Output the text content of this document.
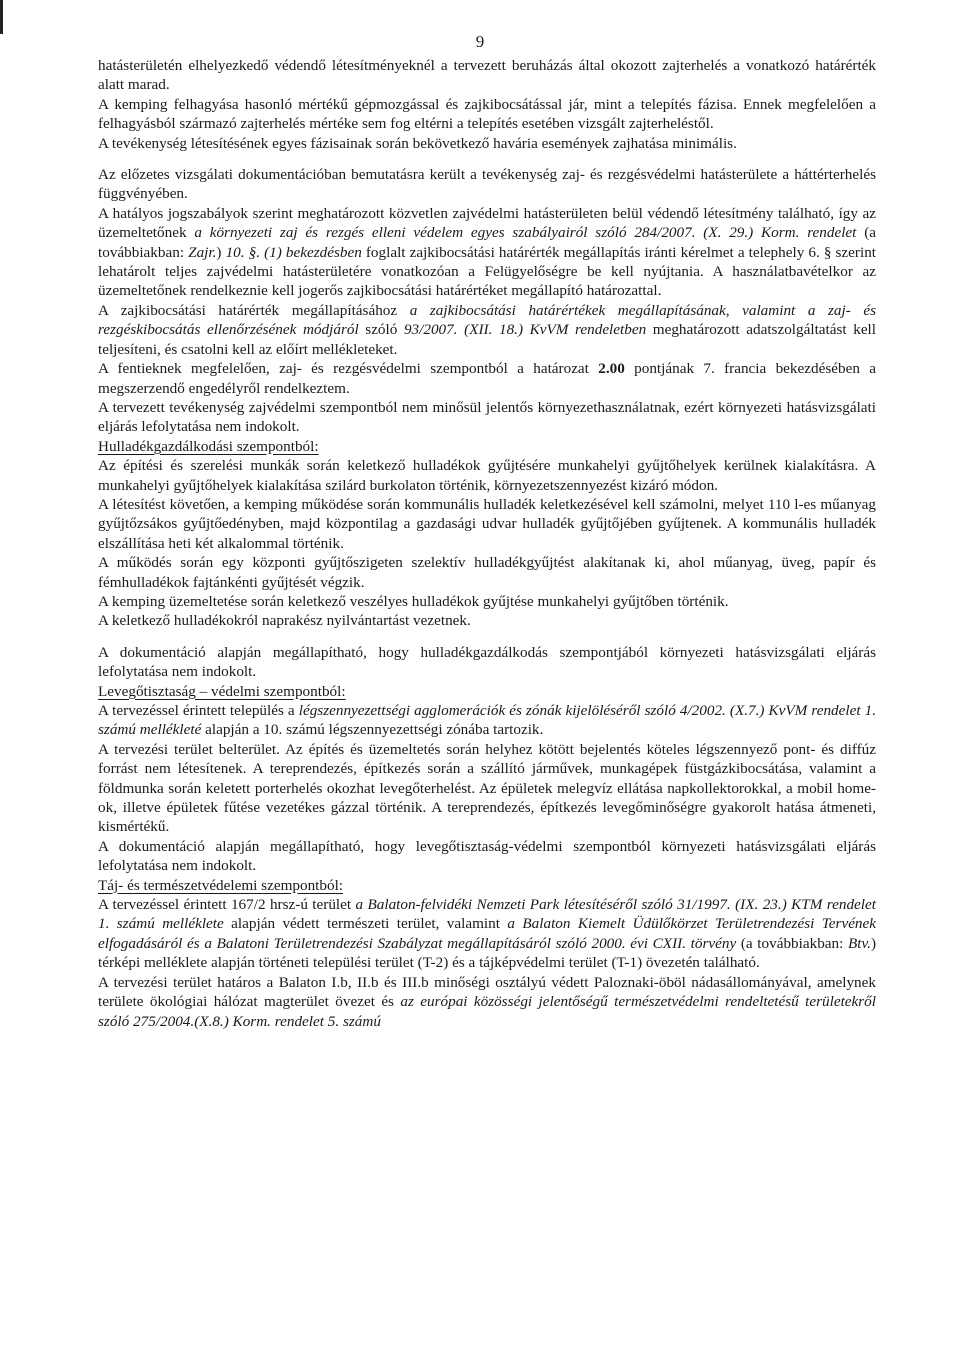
9

hatásterületén elhelyezkedő védendő létesítményeknél a tervezett beruházás által okozott zajterhelés a vonatkozó határérték alatt marad.

A kemping felhagyása hasonló mértékű gépmozgással és zajkibocsátással jár, mint a telepítés fázisa. Ennek megfelelően a felhagyásból származó zajterhelés mértéke sem fog eltérni a telepítés esetében vizsgált zajterheléstől.

A tevékenység létesítésének egyes fázisainak során bekövetkező havária események zajhatása minimális.

Az előzetes vizsgálati dokumentációban bemutatásra került a tevékenység zaj- és rezgésvédelmi hatásterülete a háttérterhelés függvényében.

A hatályos jogszabályok szerint meghatározott közvetlen zajvédelmi hatásterületen belül védendő létesítmény található, így az üzemeltetőnek a környezeti zaj és rezgés elleni védelem egyes szabályairól szóló 284/2007. (X. 29.) Korm. rendelet (a továbbiakban: Zajr.) 10. §. (1) bekezdésben foglalt zajkibocsátási határérték megállapítás iránti kérelmet a telephely 6. § szerint lehatárolt teljes zajvédelmi hatásterületére vonatkozóan a Felügyelőségre be kell nyújtania. A használatbavételkor az üzemeltetőnek rendelkeznie kell jogerős zajkibocsátási határértéket megállapító határozattal.

A zajkibocsátási határérték megállapításához a zajkibocsátási határértékek megállapításának, valamint a zaj- és rezgéskibocsátás ellenőrzésének módjáról szóló 93/2007. (XII. 18.) KvVM rendeletben meghatározott adatszolgáltatást kell teljesíteni, és csatolni kell az előírt mellékleteket.

A fentieknek megfelelően, zaj- és rezgésvédelmi szempontból a határozat 2.00 pontjának 7. francia bekezdésében a megszerzendő engedélyről rendelkeztem.

A tervezett tevékenység zajvédelmi szempontból nem minősül jelentős környezethasználatnak, ezért környezeti hatásvizsgálati eljárás lefolytatása nem indokolt.

Hulladékgazdálkodási szempontból:

Az építési és szerelési munkák során keletkező hulladékok gyűjtésére munkahelyi gyűjtőhelyek kerülnek kialakításra. A munkahelyi gyűjtőhelyek kialakítása szilárd burkolaton történik, környezetszennyezést kizáró módon.

A létesítést követően, a kemping működése során kommunális hulladék keletkezésével kell számolni, melyet 110 l-es műanyag gyűjtőzsákos gyűjtőedényben, majd központilag a gazdasági udvar hulladék gyűjtőjében gyűjtenek. A kommunális hulladék elszállítása heti két alkalommal történik.

A működés során egy központi gyűjtőszigeten szelektív hulladékgyűjtést alakítanak ki, ahol műanyag, üveg, papír és fémhulladékok fajtánkénti gyűjtését végzik.

A kemping üzemeltetése során keletkező veszélyes hulladékok gyűjtése munkahelyi gyűjtőben történik.

A keletkező hulladékokról naprakész nyilvántartást vezetnek.

A dokumentáció alapján megállapítható, hogy hulladékgazdálkodás szempontjából környezeti hatásvizsgálati eljárás lefolytatása nem indokolt.

Levegőtisztaság – védelmi szempontból:

A tervezéssel érintett település a légszennyezettségi agglomerációk és zónák kijelöléséről szóló 4/2002. (X.7.) KvVM rendelet 1. számú mellékleté alapján a 10. számú légszennyezettségi zónába tartozik.

A tervezési terület belterület. Az építés és üzemeltetés során helyhez kötött bejelentés köteles légszennyező pont- és diffúz forrást nem létesítenek. A tereprendezés, építkezés során a szállító járművek, munkagépek füstgázkibocsátása, valamint a földmunka során keletett porterhelés okozhat levegőterhelést. Az épületek melegvíz ellátása napkollektorokkal, a mobil home-ok, illetve épületek fűtése vezetékes gázzal történik. A tereprendezés, építkezés levegőminőségre gyakorolt hatása átmeneti, kismértékű.

A dokumentáció alapján megállapítható, hogy levegőtisztaság-védelmi szempontból környezeti hatásvizsgálati eljárás lefolytatása nem indokolt.

Táj- és természetvédelemi szempontból:

A tervezéssel érintett 167/2 hrsz-ú terület a Balaton-felvidéki Nemzeti Park létesítéséről szóló 31/1997. (IX. 23.) KTM rendelet 1. számú melléklete alapján védett természeti terület, valamint a Balaton Kiemelt Üdülőkörzet Területrendezési Tervének elfogadásáról és a Balatoni Területrendezési Szabályzat megállapításáról szóló 2000. évi CXII. törvény (a továbbiakban: Btv.) térképi melléklete alapján történeti települési terület (T-2) és a tájképvédelmi terület (T-1) övezetén található.

A tervezési terület határos a Balaton I.b, II.b és III.b minőségi osztályú védett Paloznaki-öböl nádasállományával, amelynek területe ökológiai hálózat magterület övezet és az európai közösségi jelentőségű természetvédelmi rendeltetésű területekről szóló 275/2004.(X.8.) Korm. rendelet 5. számú
